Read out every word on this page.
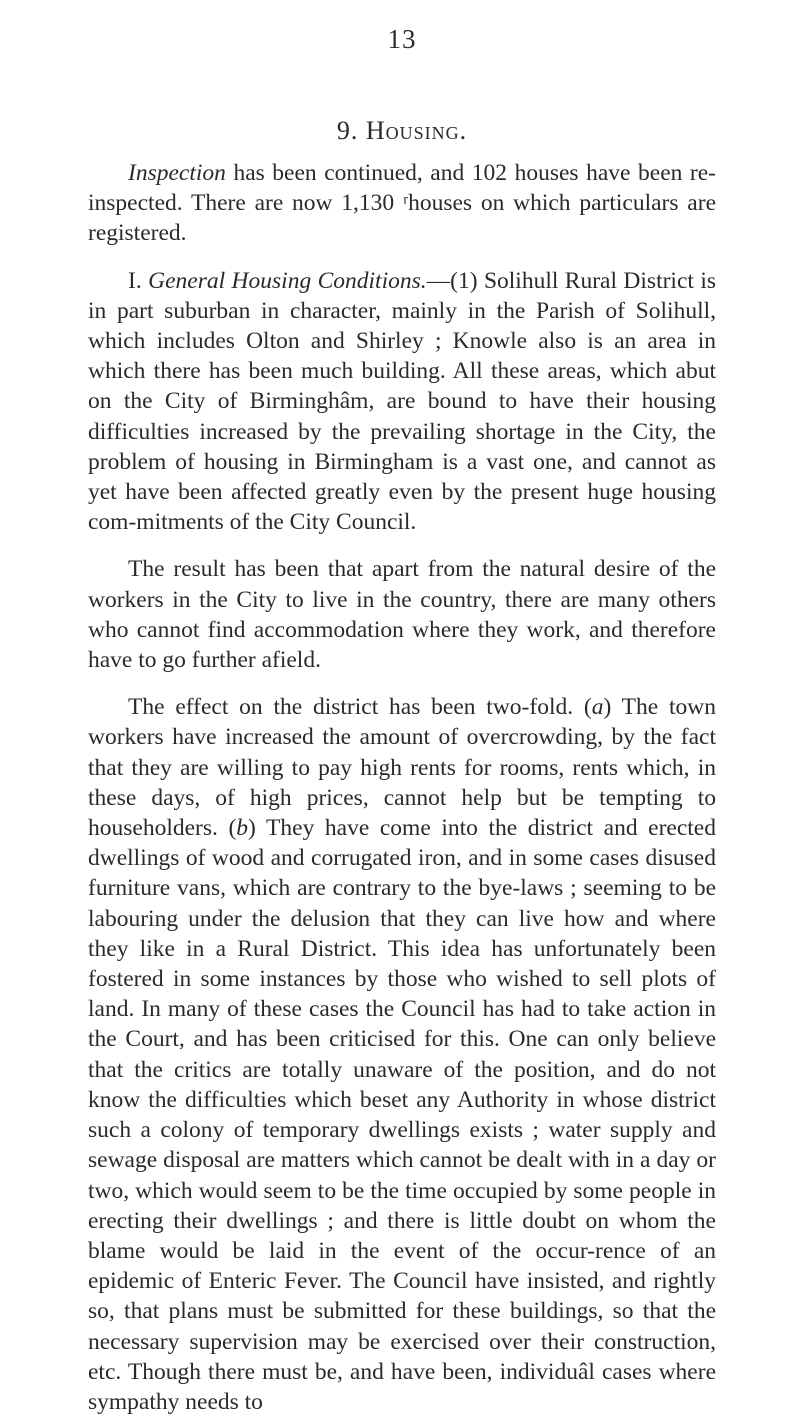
13
9. Housing.

Inspection has been continued, and 102 houses have been re-inspected. There are now 1,130 ʳhouses on which particulars are registered.

I. General Housing Conditions.—(1) Solihull Rural District is in part suburban in character, mainly in the Parish of Solihull, which includes Olton and Shirley ; Knowle also is an area in which there has been much building. All these areas, which abut on the City of Birminghâm, are bound to have their housing difficulties increased by the prevailing shortage in the City, the problem of housing in Birmingham is a vast one, and cannot as yet have been affected greatly even by the present huge housing com-mitments of the City Council.

The result has been that apart from the natural desire of the workers in the City to live in the country, there are many others who cannot find accommodation where they work, and therefore have to go further afield.

The effect on the district has been two-fold. (a) The town workers have increased the amount of overcrowding, by the fact that they are willing to pay high rents for rooms, rents which, in these days, of high prices, cannot help but be tempting to householders. (b) They have come into the district and erected dwellings of wood and corrugated iron, and in some cases disused furniture vans, which are contrary to the bye-laws ; seeming to be labouring under the delusion that they can live how and where they like in a Rural District. This idea has unfortunately been fostered in some instances by those who wished to sell plots of land. In many of these cases the Council has had to take action in the Court, and has been criticised for this. One can only believe that the critics are totally unaware of the position, and do not know the difficulties which beset any Authority in whose district such a colony of temporary dwellings exists ; water supply and sewage disposal are matters which cannot be dealt with in a day or two, which would seem to be the time occupied by some people in erecting their dwellings ; and there is little doubt on whom the blame would be laid in the event of the occur-rence of an epidemic of Enteric Fever. The Council have insisted, and rightly so, that plans must be submitted for these buildings, so that the necessary supervision may be exercised over their construction, etc. Though there must be, and have been, individuâl cases where sympathy needs to
